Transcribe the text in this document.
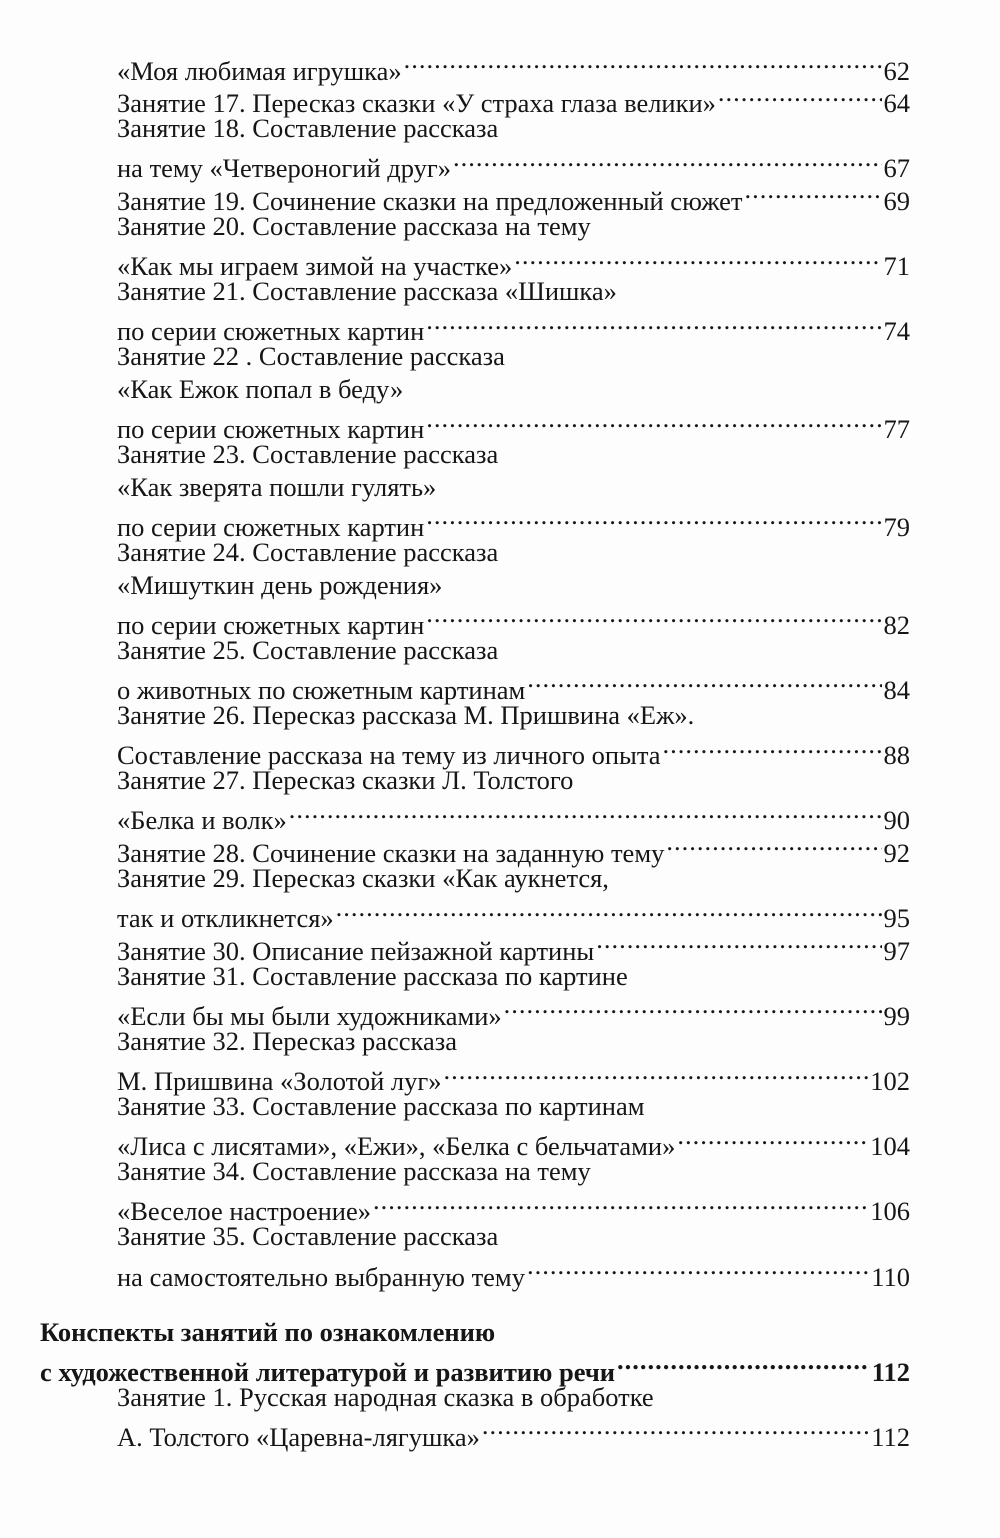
«Моя любимая игрушка» .....	62
Занятие 17. Пересказ сказки «У страха глаза велики» .....	64
Занятие 18. Составление рассказа
на тему «Четвероногий друг» .....	67
Занятие 19. Сочинение сказки на предложенный сюжет .....	69
Занятие 20. Составление рассказа на тему
«Как мы играем зимой на участке» .....	71
Занятие 21. Составление рассказа «Шишка»
по серии сюжетных картин .....	74
Занятие 22 . Составление рассказа
«Как Ежок попал в беду»
по серии сюжетных картин .....	77
Занятие 23. Составление рассказа
«Как зверята пошли гулять»
по серии сюжетных картин .....	79
Занятие 24. Составление рассказа
«Мишуткин день рождения»
по серии сюжетных картин .....	82
Занятие 25. Составление рассказа
о животных по сюжетным картинам .....	84
Занятие 26. Пересказ рассказа М. Пришвина «Еж».
Составление рассказа на тему из личного опыта .....	88
Занятие 27. Пересказ сказки Л. Толстого
«Белка и волк» .....	90
Занятие 28. Сочинение сказки на заданную тему .....	92
Занятие 29. Пересказ сказки «Как аукнется,
так и откликнется» .....	95
Занятие 30. Описание пейзажной картины .....	97
Занятие 31. Составление рассказа по картине
«Если бы мы были художниками» .....	99
Занятие 32. Пересказ рассказа
М. Пришвина «Золотой луг» .....	102
Занятие 33. Составление рассказа по картинам
«Лиса с лисятами», «Ежи», «Белка с бельчатами» .....	104
Занятие 34. Составление рассказа на тему
«Веселое настроение» .....	106
Занятие 35. Составление рассказа
на самостоятельно выбранную тему .....	110
Конспекты занятий по ознакомлению
с художественной литературой и развитию речи .....	112
Занятие 1. Русская народная сказка в обработке
А. Толстого «Царевна-лягушка» .....	112
